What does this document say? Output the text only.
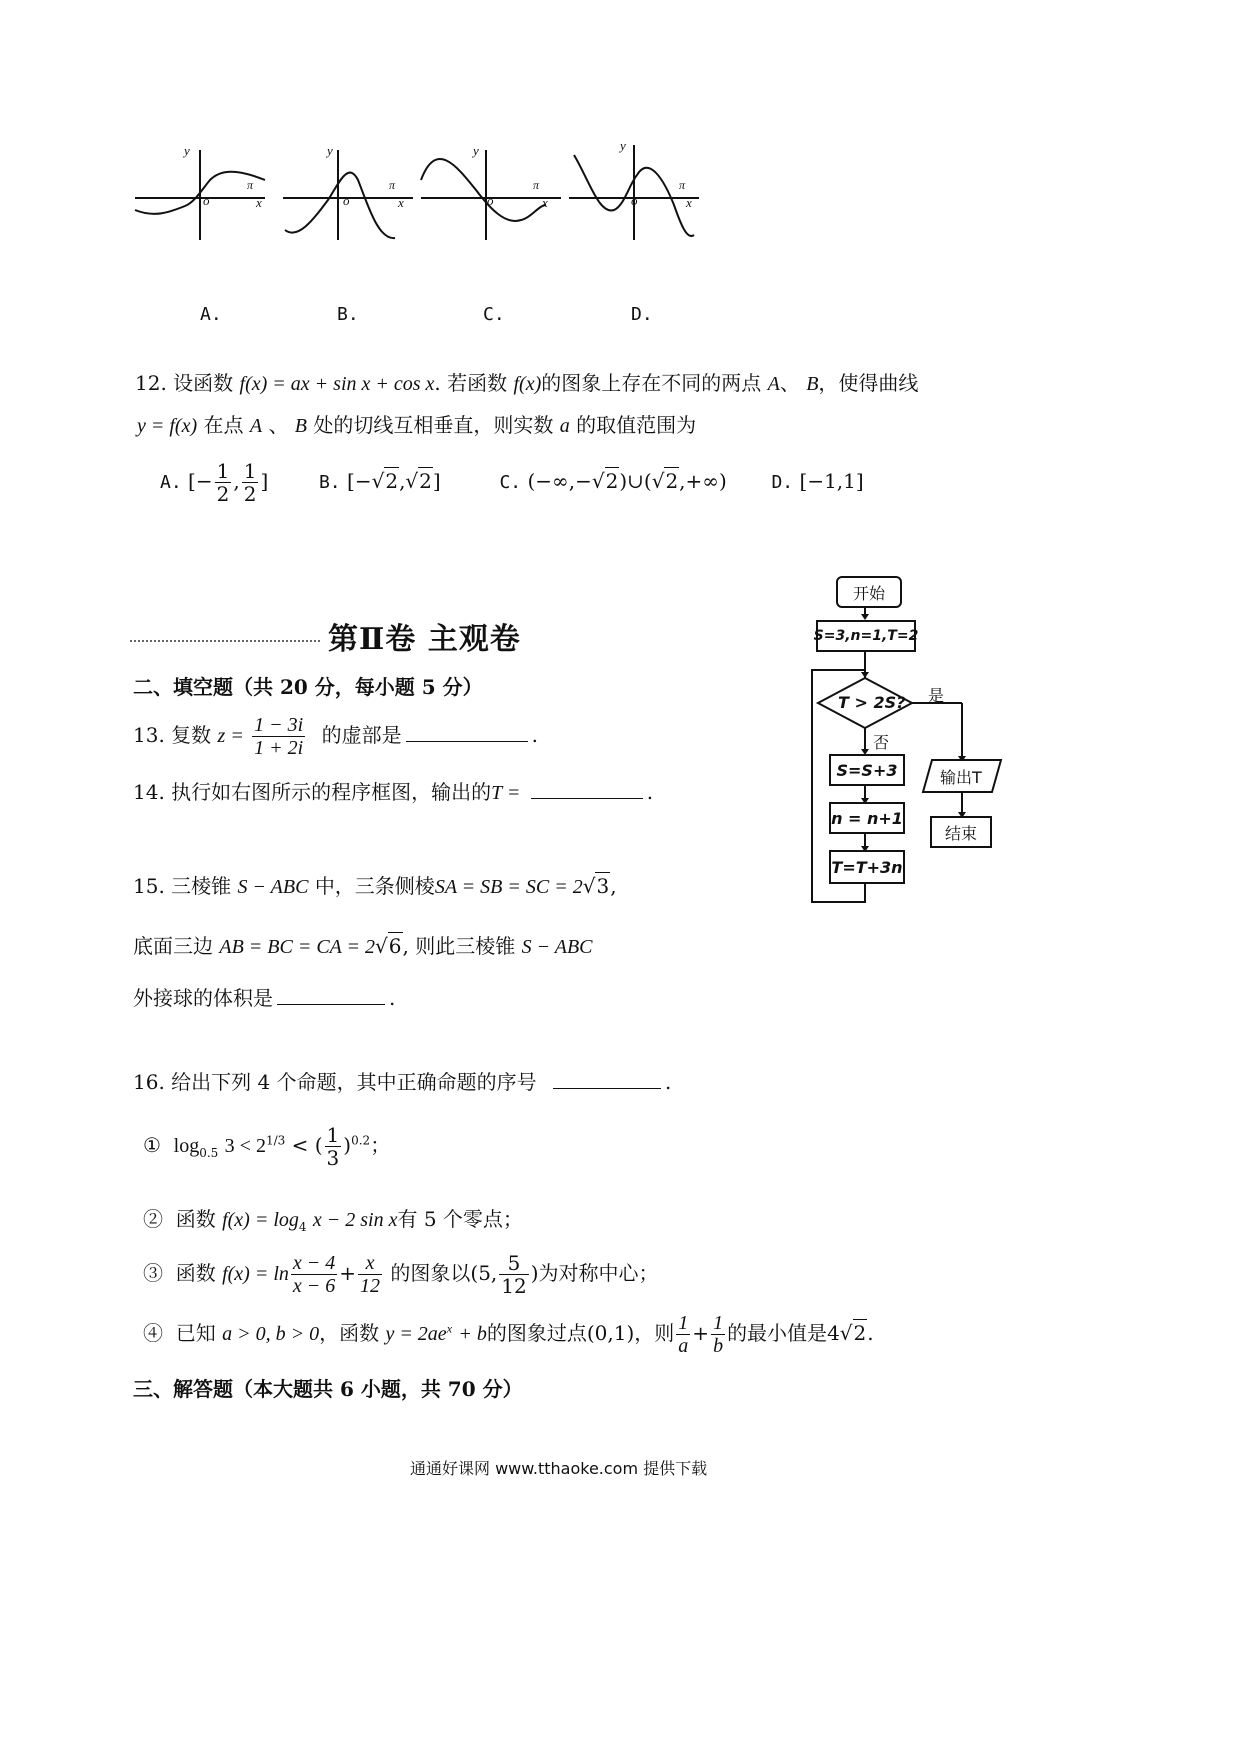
y
x
o
π
y
x
o
π
y
x
o
π
y
x
o
π
A.	B.	C.	D.
12. 设函数 f(x) = ax + sin x + cos x. 若函数 f(x)的图象上存在不同的两点 A、 B，使得曲线
y = f(x) 在点 A 、 B 处的切线互相垂直，则实数 a 的取值范围为
A. [− $\frac{1}{2}$ , $\frac{1}{2}$ ]	B. [−√2,√2]	C. (−∞,−√2)∪(√2,+∞) D. [−1,1]
第Ⅱ卷 主观卷
二、填空题（共 20 分，每小题 5 分）
13. 复数 $z = \frac{1 - 3i}{1 + 2i}$ 的虚部是	.
14. 执行如右图所示的程序框图，输出的T =	.
15. 三棱锥 S − ABC 中，三条侧棱SA = SB = SC = 2√3,
底面三边 AB = BC = CA = 2√6, 则此三棱锥 S − ABC
外接球的体积是	.
16. 给出下列 4 个命题，其中正确命题的序号	.
① $\log_{0.5} 3 < 2^{1/3}$ < ( $\frac{1}{3} )^{0.2}$；
② 函数 $f(x) = \log_4 x - 2$ sin x有 5 个零点；
③ 函数 $f(x) = \ln \frac{x - 4}{x - 6} + \frac{x}{12}$ 的图象以(5, $\frac{5}{12}$ )为对称中心；
④ 已知 a > 0, b > 0，函数 $y = 2ae^x + b$的图象过点(0,1)，则 $\frac{1}{a} + \frac{1}{b}$ 的最小值是4√2.
三、解答题（本大题共 6 小题，共 70 分）
开始
S=3,n=1,T=2
T > 2S? 是
否
S=S+3
n = n+1
T=T+3n
输出T
结束
通通好课网 www.tthaoke.com 提供下载
